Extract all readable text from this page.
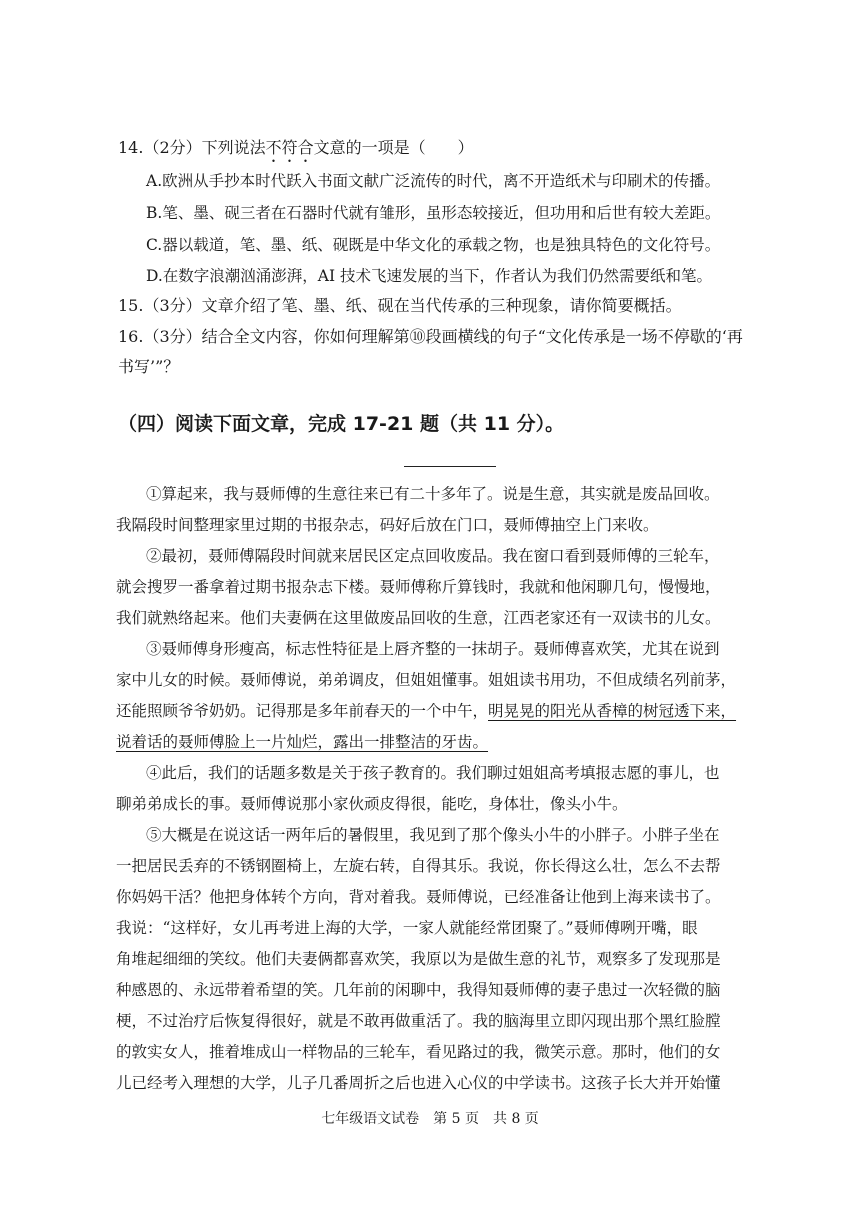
14.（2分）下列说法不符合文意的一项是（　　）
A.欧洲从手抄本时代跃入书面文献广泛流传的时代，离不开造纸术与印刷术的传播。
B.笔、墨、砚三者在石器时代就有雏形，虽形态较接近，但功用和后世有较大差距。
C.器以载道，笔、墨、纸、砚既是中华文化的承载之物，也是独具特色的文化符号。
D.在数字浪潮汹涌澎湃，AI 技术飞速发展的当下，作者认为我们仍然需要纸和笔。
15.（3分）文章介绍了笔、墨、纸、砚在当代传承的三种现象，请你简要概括。
16.（3分）结合全文内容，你如何理解第⑩段画横线的句子“文化传承是一场不停歇的‘再
书写’”？
（四）阅读下面文章，完成 17-21 题（共 11 分）。
①算起来，我与聂师傅的生意往来已有二十多年了。说是生意，其实就是废品回收。
我隔段时间整理家里过期的书报杂志，码好后放在门口，聂师傅抽空上门来收。
②最初，聂师傅隔段时间就来居民区定点回收废品。我在窗口看到聂师傅的三轮车，
就会搜罗一番拿着过期书报杂志下楼。聂师傅称斤算钱时，我就和他闲聊几句，慢慢地，
我们就熟络起来。他们夫妻俩在这里做废品回收的生意，江西老家还有一双读书的儿女。
③聂师傅身形瘦高，标志性特征是上唇齐整的一抹胡子。聂师傅喜欢笑，尤其在说到
家中儿女的时候。聂师傅说，弟弟调皮，但姐姐懂事。姐姐读书用功，不但成绩名列前茅，
还能照顾爷爷奶奶。记得那是多年前春天的一个中午，明晃晃的阳光从香樟的树冠透下来，
说着话的聂师傅脸上一片灿烂，露出一排整洁的牙齿。
④此后，我们的话题多数是关于孩子教育的。我们聊过姐姐高考填报志愿的事儿，也
聊弟弟成长的事。聂师傅说那小家伙顽皮得很，能吃，身体壮，像头小牛。
⑤大概是在说这话一两年后的暑假里，我见到了那个像头小牛的小胖子。小胖子坐在
一把居民丢弃的不锈钢圈椅上，左旋右转，自得其乐。我说，你长得这么壮，怎么不去帮
你妈妈干活？他把身体转个方向，背对着我。聂师傅说，已经准备让他到上海来读书了。
我说：“这样好，女儿再考进上海的大学，一家人就能经常团聚了。”聂师傅咧开嘴，眼
角堆起细细的笑纹。他们夫妻俩都喜欢笑，我原以为是做生意的礼节，观察多了发现那是
种感恩的、永远带着希望的笑。几年前的闲聊中，我得知聂师傅的妻子患过一次轻微的脑
梗，不过治疗后恢复得很好，就是不敢再做重活了。我的脑海里立即闪现出那个黑红脸膛
的敦实女人，推着堆成山一样物品的三轮车，看见路过的我，微笑示意。那时，他们的女
七年级语文试卷　第 5 页　共 8 页
儿已经考入理想的大学，儿子几番周折之后也进入心仪的中学读书。这孩子长大并开始懂
